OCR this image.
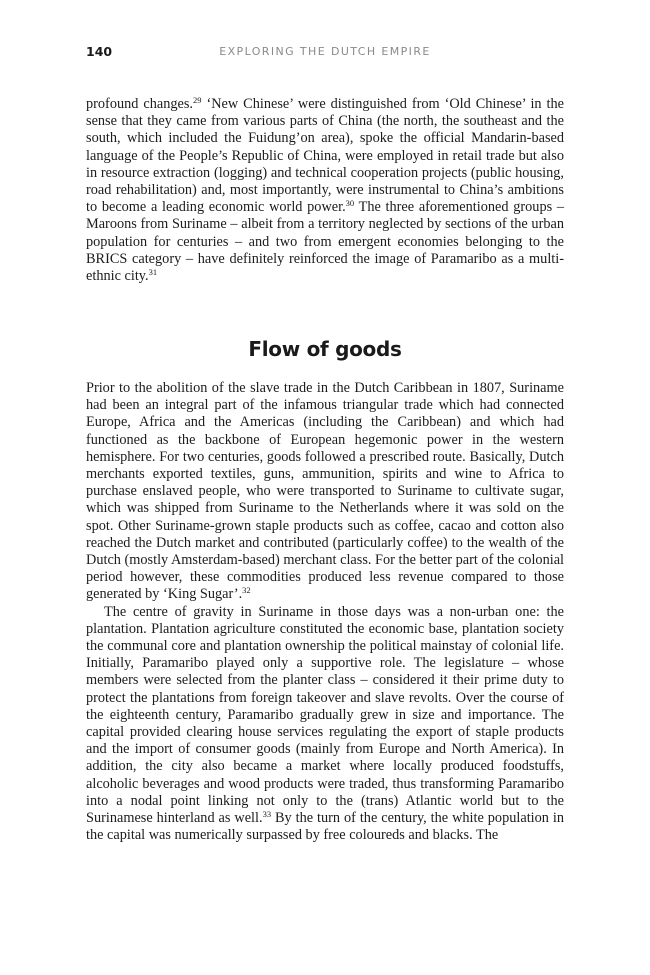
140	EXPLORING THE DUTCH EMPIRE

profound changes.$^{29}$ ‘New Chinese’ were distinguished from ‘Old Chinese’ in the sense that they came from various parts of China (the north, the southeast and the south, which included the Fuidung’on area), spoke the official Mandarin-based language of the People’s Republic of China, were employed in retail trade but also in resource extraction (logging) and technical cooperation projects (public housing, road rehabilitation) and, most importantly, were instrumental to China’s ambitions to become a leading economic world power.$^{30}$ The three aforementioned groups – Maroons from Suriname – albeit from a territory neglected by sections of the urban population for centuries – and two from emergent economies belonging to the BRICS category – have definitely reinforced the image of Paramaribo as a multi-ethnic city.$^{31}$

Flow of goods

Prior to the abolition of the slave trade in the Dutch Caribbean in 1807, Suriname had been an integral part of the infamous triangular trade which had connected Europe, Africa and the Americas (including the Caribbean) and which had functioned as the backbone of European hegemonic power in the western hemisphere. For two centuries, goods followed a prescribed route. Basically, Dutch merchants exported textiles, guns, ammunition, spirits and wine to Africa to purchase enslaved people, who were transported to Suriname to cultivate sugar, which was shipped from Suriname to the Netherlands where it was sold on the spot. Other Suriname-grown staple products such as coffee, cacao and cotton also reached the Dutch market and contributed (particularly coffee) to the wealth of the Dutch (mostly Amsterdam-based) merchant class. For the better part of the colonial period however, these commodities produced less revenue compared to those generated by ‘King Sugar’.$^{32}$

The centre of gravity in Suriname in those days was a non-urban one: the plantation. Plantation agriculture constituted the economic base, plantation society the communal core and plantation ownership the political mainstay of colonial life. Initially, Paramaribo played only a supportive role. The legislature – whose members were selected from the planter class – considered it their prime duty to protect the plantations from foreign takeover and slave revolts. Over the course of the eighteenth century, Paramaribo gradually grew in size and importance. The capital provided clearing house services regulating the export of staple products and the import of consumer goods (mainly from Europe and North America). In addition, the city also became a market where locally produced foodstuffs, alcoholic beverages and wood products were traded, thus transforming Paramaribo into a nodal point linking not only to the (trans) Atlantic world but to the Surinamese hinterland as well.$^{33}$ By the turn of the century, the white population in the capital was numerically surpassed by free coloureds and blacks. The
